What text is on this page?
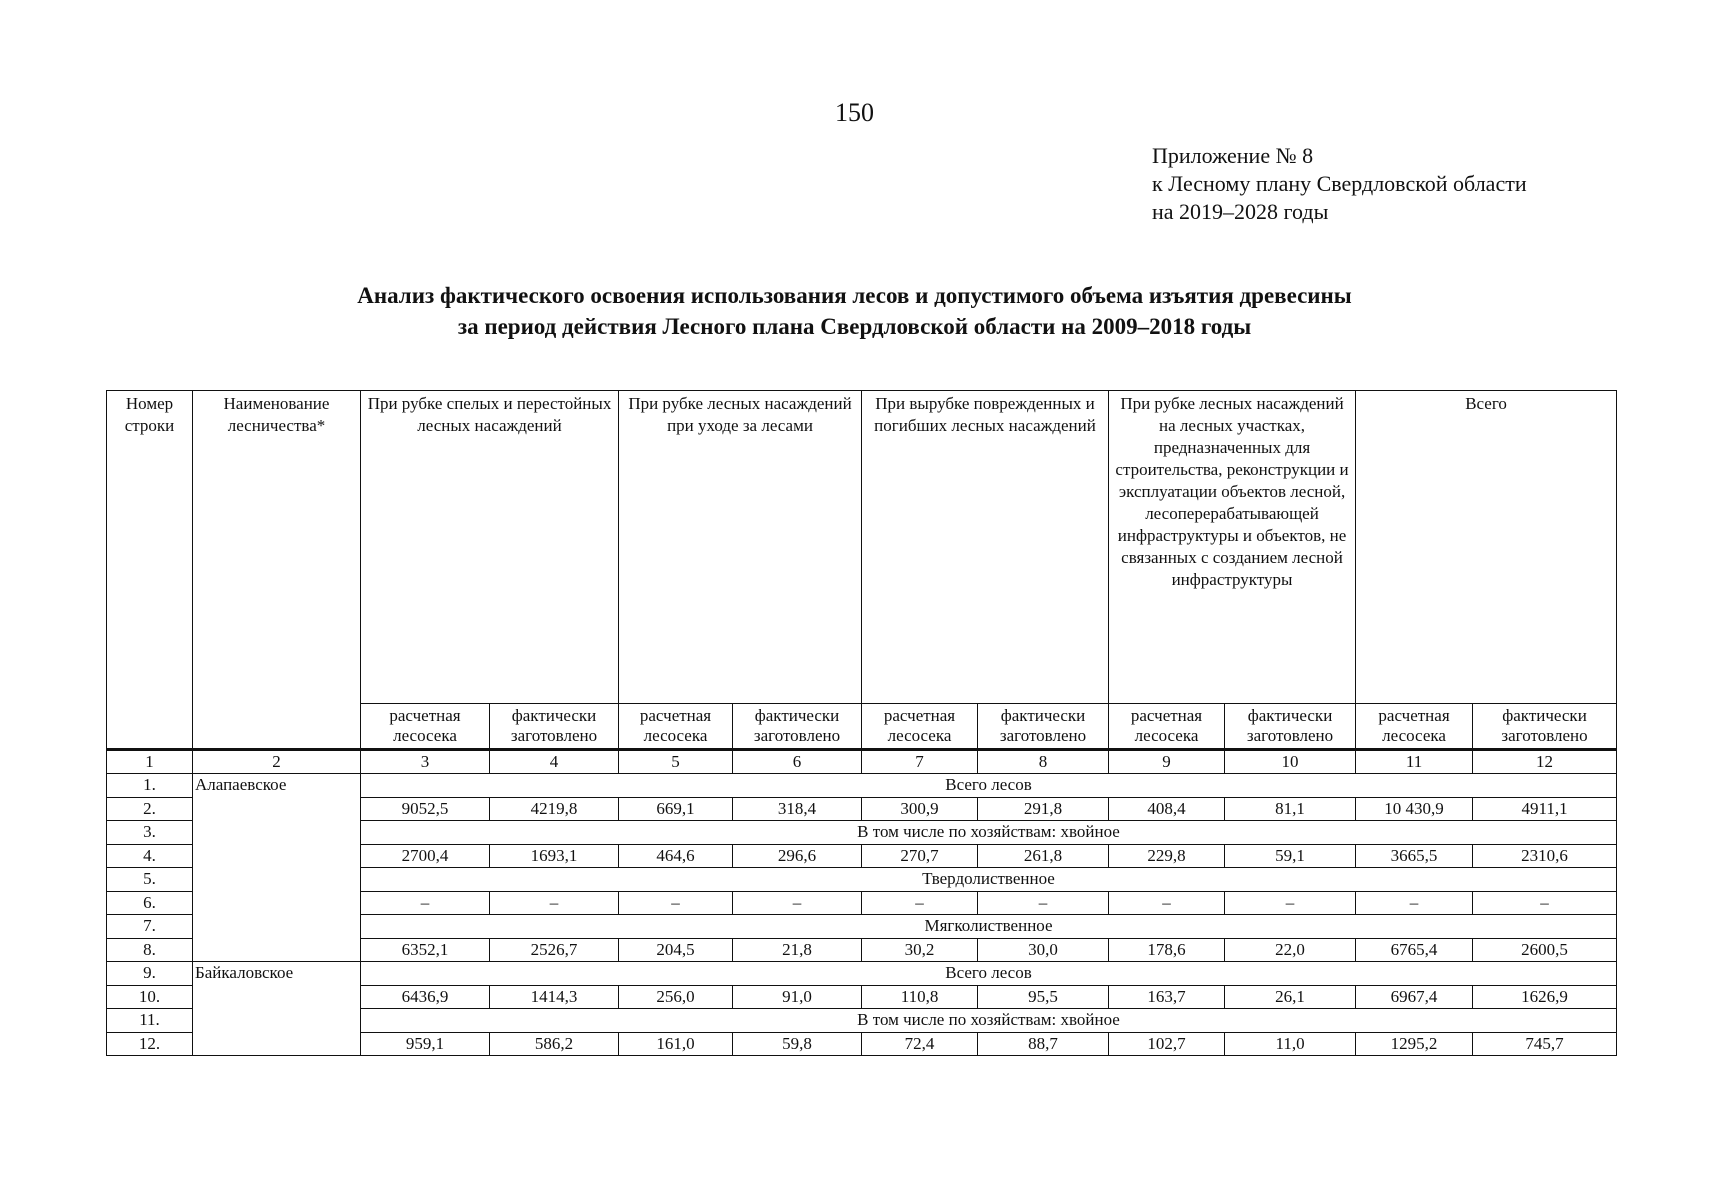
150
Приложение № 8
к Лесному плану Свердловской области
на 2019–2028 годы
Анализ фактического освоения использования лесов и допустимого объема изъятия древесины
за период действия Лесного плана Свердловской области на 2009–2018 годы
Номер строки	Наименование лесничества*	При рубке спелых и перестойных лесных насаждений		При рубке лесных насаждений при уходе за лесами		При вырубке поврежденных и погибших лесных насаждений		При рубке лесных насаждений на лесных участках, предназначенных для строительства, реконструкции и эксплуатации объектов лесной, лесоперерабатывающей инфраструктуры и объектов, не связанных с созданием лесной инфраструктуры		Всего	
		расчетная лесосека	фактически заготовлено	расчетная лесосека	фактически заготовлено	расчетная лесосека	фактически заготовлено	расчетная лесосека	фактически заготовлено	расчетная лесосека	фактически заготовлено
1	2	3	4	5	6	7	8	9	10	11	12
1.	Алапаевское	Всего лесов									
2.		9052,5	4219,8	669,1	318,4	300,9	291,8	408,4	81,1	10 430,9	4911,1
3.		В том числе по хозяйствам: хвойное									
4.		2700,4	1693,1	464,6	296,6	270,7	261,8	229,8	59,1	3665,5	2310,6
5.		Твердолиственное									
6.		–	–	–	–	–	–	–	–	–	–
7.		Мягколиственное									
8.		6352,1	2526,7	204,5	21,8	30,2	30,0	178,6	22,0	6765,4	2600,5
9.	Байкаловское	Всего лесов									
10.		6436,9	1414,3	256,0	91,0	110,8	95,5	163,7	26,1	6967,4	1626,9
11.		В том числе по хозяйствам: хвойное									
12.		959,1	586,2	161,0	59,8	72,4	88,7	102,7	11,0	1295,2	745,7
